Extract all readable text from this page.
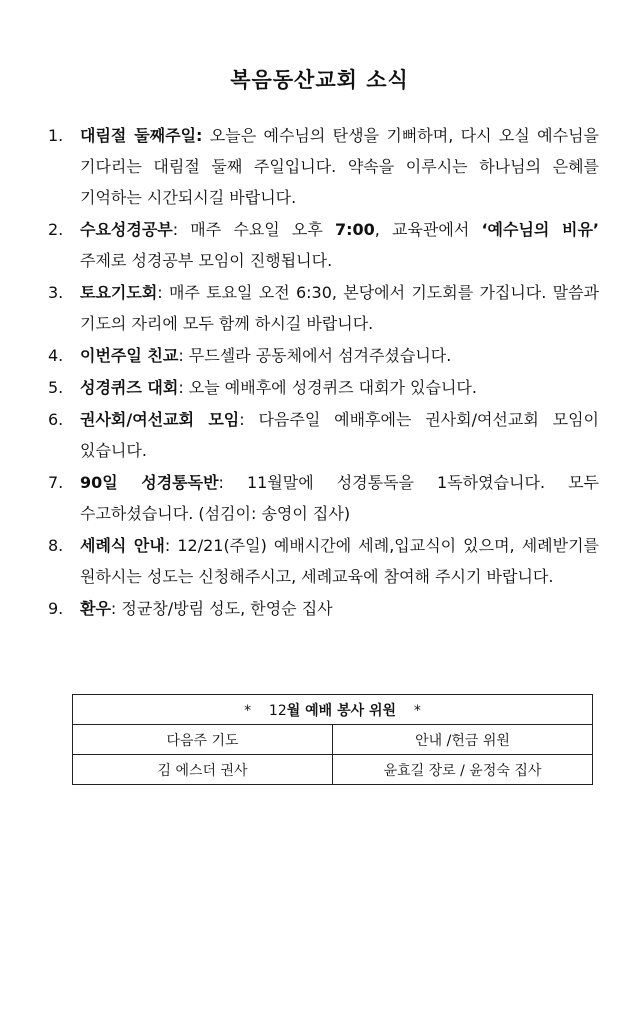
복음동산교회 소식
1. 대림절 둘째주일: 오늘은 예수님의 탄생을 기뻐하며, 다시 오실 예수님을 기다리는 대림절 둘째 주일입니다. 약속을 이루시는 하나님의 은혜를 기억하는 시간되시길 바랍니다.
2. 수요성경공부: 매주 수요일 오후 7:00, 교육관에서 ‘예수님의 비유’ 주제로 성경공부 모임이 진행됩니다.
3. 토요기도회: 매주 토요일 오전 6:30, 본당에서 기도회를 가집니다. 말씀과 기도의 자리에 모두 함께 하시길 바랍니다.
4. 이번주일 친교: 무드셀라 공동체에서 섬겨주셨습니다.
5. 성경퀴즈 대회: 오늘 예배후에 성경퀴즈 대회가 있습니다.
6. 권사회/여선교회 모임: 다음주일 예배후에는 권사회/여선교회 모임이 있습니다.
7. 90일 성경통독반: 11월말에 성경통독을 1독하였습니다. 모두 수고하셨습니다. (섬김이: 송영이 집사)
8. 세례식 안내: 12/21(주일) 예배시간에 세례,입교식이 있으며, 세례받기를 원하시는 성도는 신청해주시고, 세례교육에 참여해 주시기 바랍니다.
9. 환우: 정균창/방림 성도, 한영순 집사
*    12월 예배 봉사 위원    *	
다음주 기도	안내 /헌금 위원
김 에스더 권사	윤효길 장로 / 윤정숙 집사
